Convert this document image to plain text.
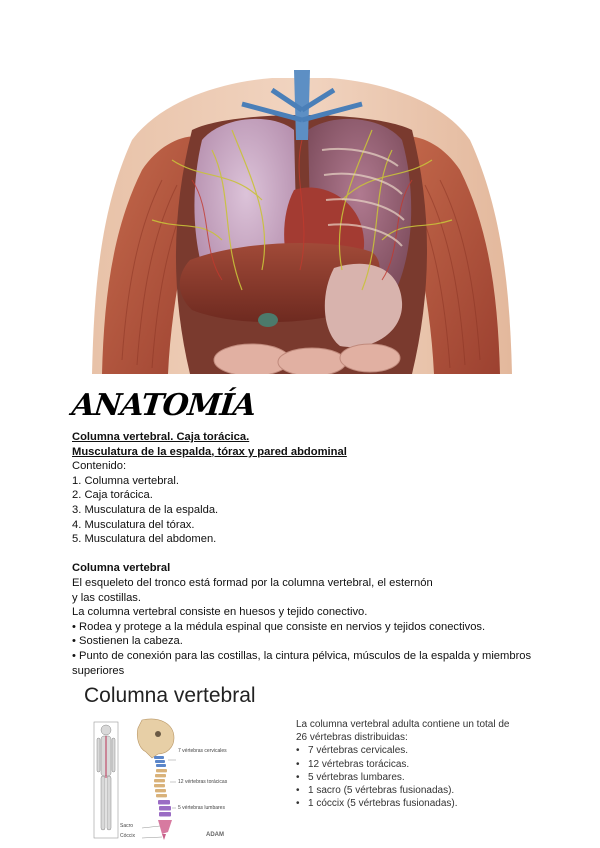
ANATOMÍA
Columna vertebral. Caja torácica.
Musculatura de la espalda, tórax y pared abdominal
Contenido:
1. Columna vertebral.
2. Caja torácica.
3. Musculatura de la espalda.
4. Musculatura del tórax.
5. Musculatura del abdomen.
Columna vertebral
El esqueleto del tronco está formad por la columna vertebral, el esternón
y las costillas.
La columna vertebral consiste en huesos y tejido conectivo.
• Rodea y protege a la médula espinal que consiste en nervios y tejidos conectivos.
• Sostienen la cabeza.
• Punto de conexión para las costillas, la cintura pélvica, músculos de la espalda y miembros
superiores
Columna vertebral
7 vértebras cervicales
12 vértebras torácicas
5 vértebras lumbares
Sacro
Cóccix	ADAM
La columna vertebral adulta contiene un total de
26 vértebras distribuidas:
• 7 vértebras cervicales.
• 12 vértebras torácicas.
• 5 vértebras lumbares.
• 1 sacro (5 vértebras fusionadas).
• 1 cóccix (5 vértebras fusionadas).
